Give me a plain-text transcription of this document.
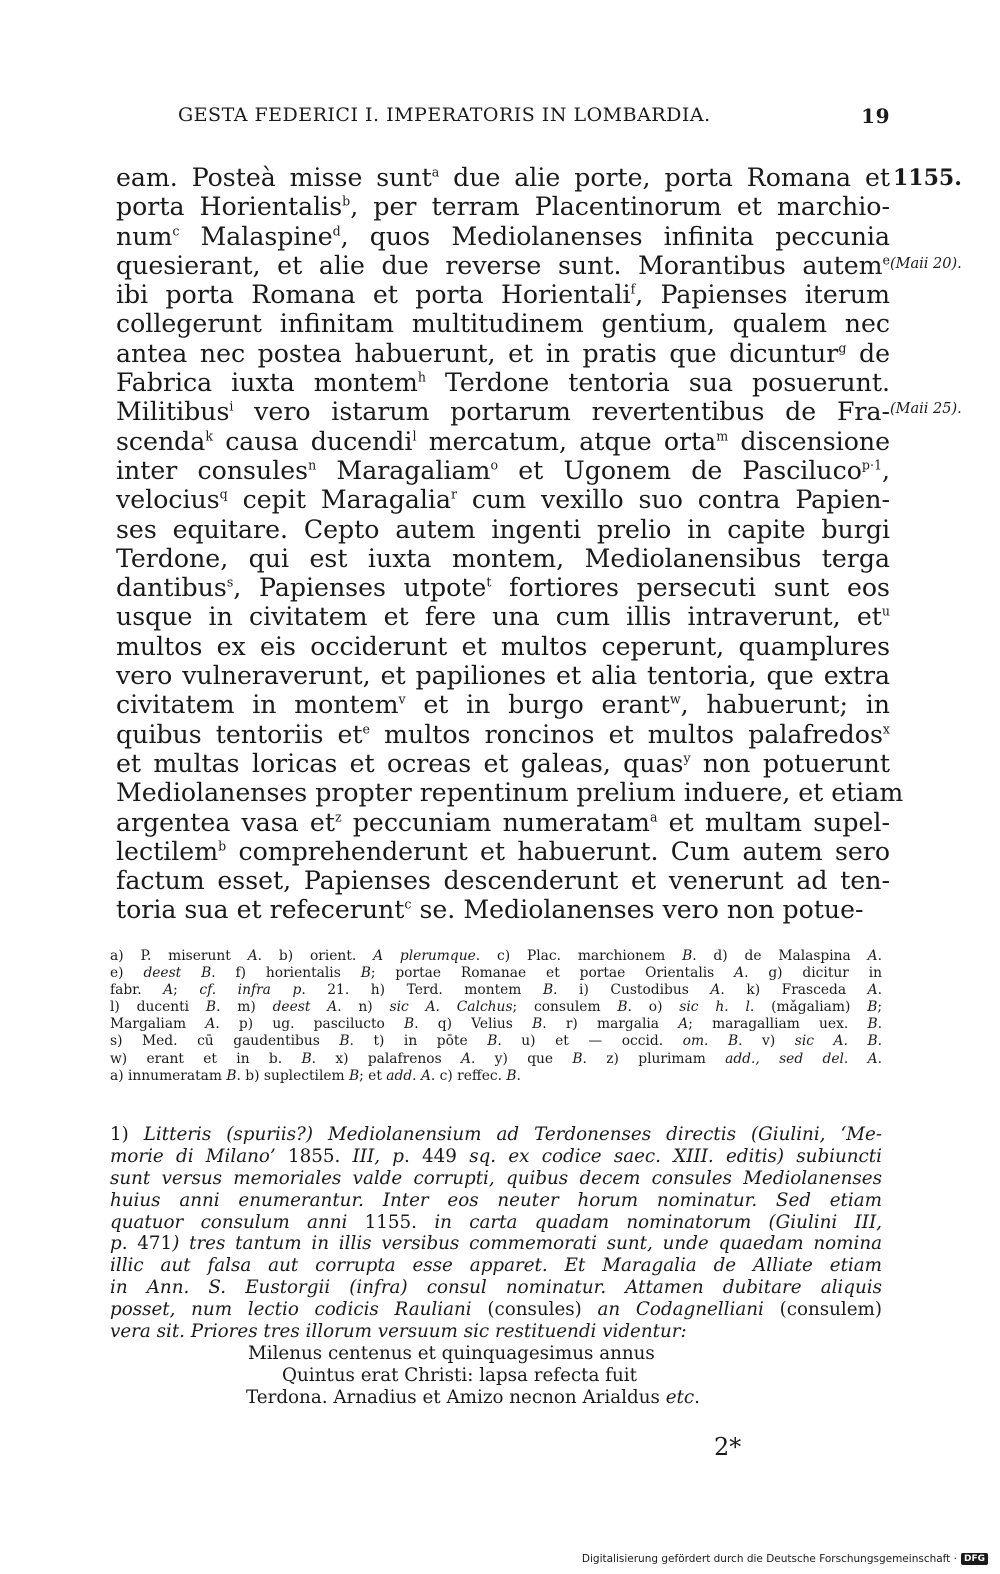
GESTA FEDERICI I. IMPERATORIS IN LOMBARDIA.	19
1155.
(Maii 20).
(Maii 25).
eam. Posteà misse sunt$^a$ due alie porte, porta Romana et
porta Horientalis$^b$, per terram Placentinorum et marchio-
num$^c$ Malaspine$^d$, quos Mediolanenses infinita peccunia
quesierant, et alie due reverse sunt. Morantibus autem$^e$
ibi porta Romana et porta Horientali$^f$, Papienses iterum
collegerunt infinitam multitudinem gentium, qualem nec
antea nec postea habuerunt, et in pratis que dicuntur$^g$ de
Fabrica iuxta montem$^h$ Terdone tentoria sua posuerunt.
Militibus$^i$ vero istarum portarum revertentibus de Fra-
scenda$^k$ causa ducendi$^l$ mercatum, atque orta$^m$ discensione
inter consules$^n$ Maragaliam$^o$ et Ugonem de Pasciluco$^{p\cdot 1}$,
velocius$^q$ cepit Maragalia$^r$ cum vexillo suo contra Papien-
ses equitare. Cepto autem ingenti prelio in capite burgi
Terdone, qui est iuxta montem, Mediolanensibus terga
dantibus$^s$, Papienses utpote$^t$ fortiores persecuti sunt eos
usque in civitatem et fere una cum illis intraverunt, $et^u$
multos ex eis occiderunt et multos ceperunt, quamplures
vero vulneraverunt, et papiliones et alia tentoria, que extra
civitatem in montem$^v$ et in burgo erant$^w$, habuerunt; in
quibus tentoriis $et^e$ multos roncinos et multos palafredos$^x$
et multas loricas et ocreas et galeas, quas$^y$ non potuerunt
Mediolanenses propter repentinum prelium induere, et etiam
argentea vasa $et^z$ peccuniam numeratam$^a$ et multam supel-
lectilem$^b$ comprehenderunt et habuerunt. Cum autem sero
factum esset, Papienses descenderunt et venerunt ad ten-
toria sua et refecerunt$^c$ se. Mediolanenses vero non potue-
a) P. miserunt A. b) orient. A plerumque. c) Plac. marchionem B. d) de Malaspina A.
e) deest B. f) horientalis B; portae Romanae et portae Orientalis A. g) dicitur in
fabr. A; cf. infra p. 21. h) Terd. montem B. i) Custodibus A. k) Frasceda A.
l) ducenti B. m) deest A. n) sic A. Calchus; consulem B. o) sic h. l. (mǎgaliam) B;
Margaliam A. p) ug. pasciluсto B. q) Velius B. r) margalia A; maragalliam uex. B.
s) Med. cū gaudentibus B. t) in pōte B. u) et — occid. om. B. v) sic A. B.
w) erant et in b. B. x) palafrenos A. y) que B. z) plurimam add., sed del. A.
a) innumeratam B. b) suplectilem B; et add. A. c) reffec. B.
1) Litteris (spuriis?) Mediolanensium ad Terdonenses directis (Giulini, ‘Me-
morie di Milano’ 1855. III, p. 449 sq. ex codice saec. XIII. editis) subiuncti
sunt versus memoriales valde corrupti, quibus decem consules Mediolanenses
huius anni enumerantur. Inter eos neuter horum nominatur. Sed etiam
quatuor consulum anni 1155. in carta quadam nominatorum (Giulini III,
p. 471) tres tantum in illis versibus commemorati sunt, unde quaedam nomina
illic aut falsa aut corrupta esse apparet. Et Maragalia de Alliate etiam
in Ann. S. Eustorgii (infra) consul nominatur. Attamen dubitare aliquis
posset, num lectio codicis Rauliani (consules) an Codagnelliani (consulem)
vera sit. Priores tres illorum versuum sic restituendi videntur:
Milenus centenus et quinquagesimus annus
Quintus erat Christi: lapsa refecta fuit
Terdona. Arnadius et Amizo necnon Arialdus etc.
2*
Digitalisierung gefördert durch die Deutsche Forschungsgemeinschaft · DFG
